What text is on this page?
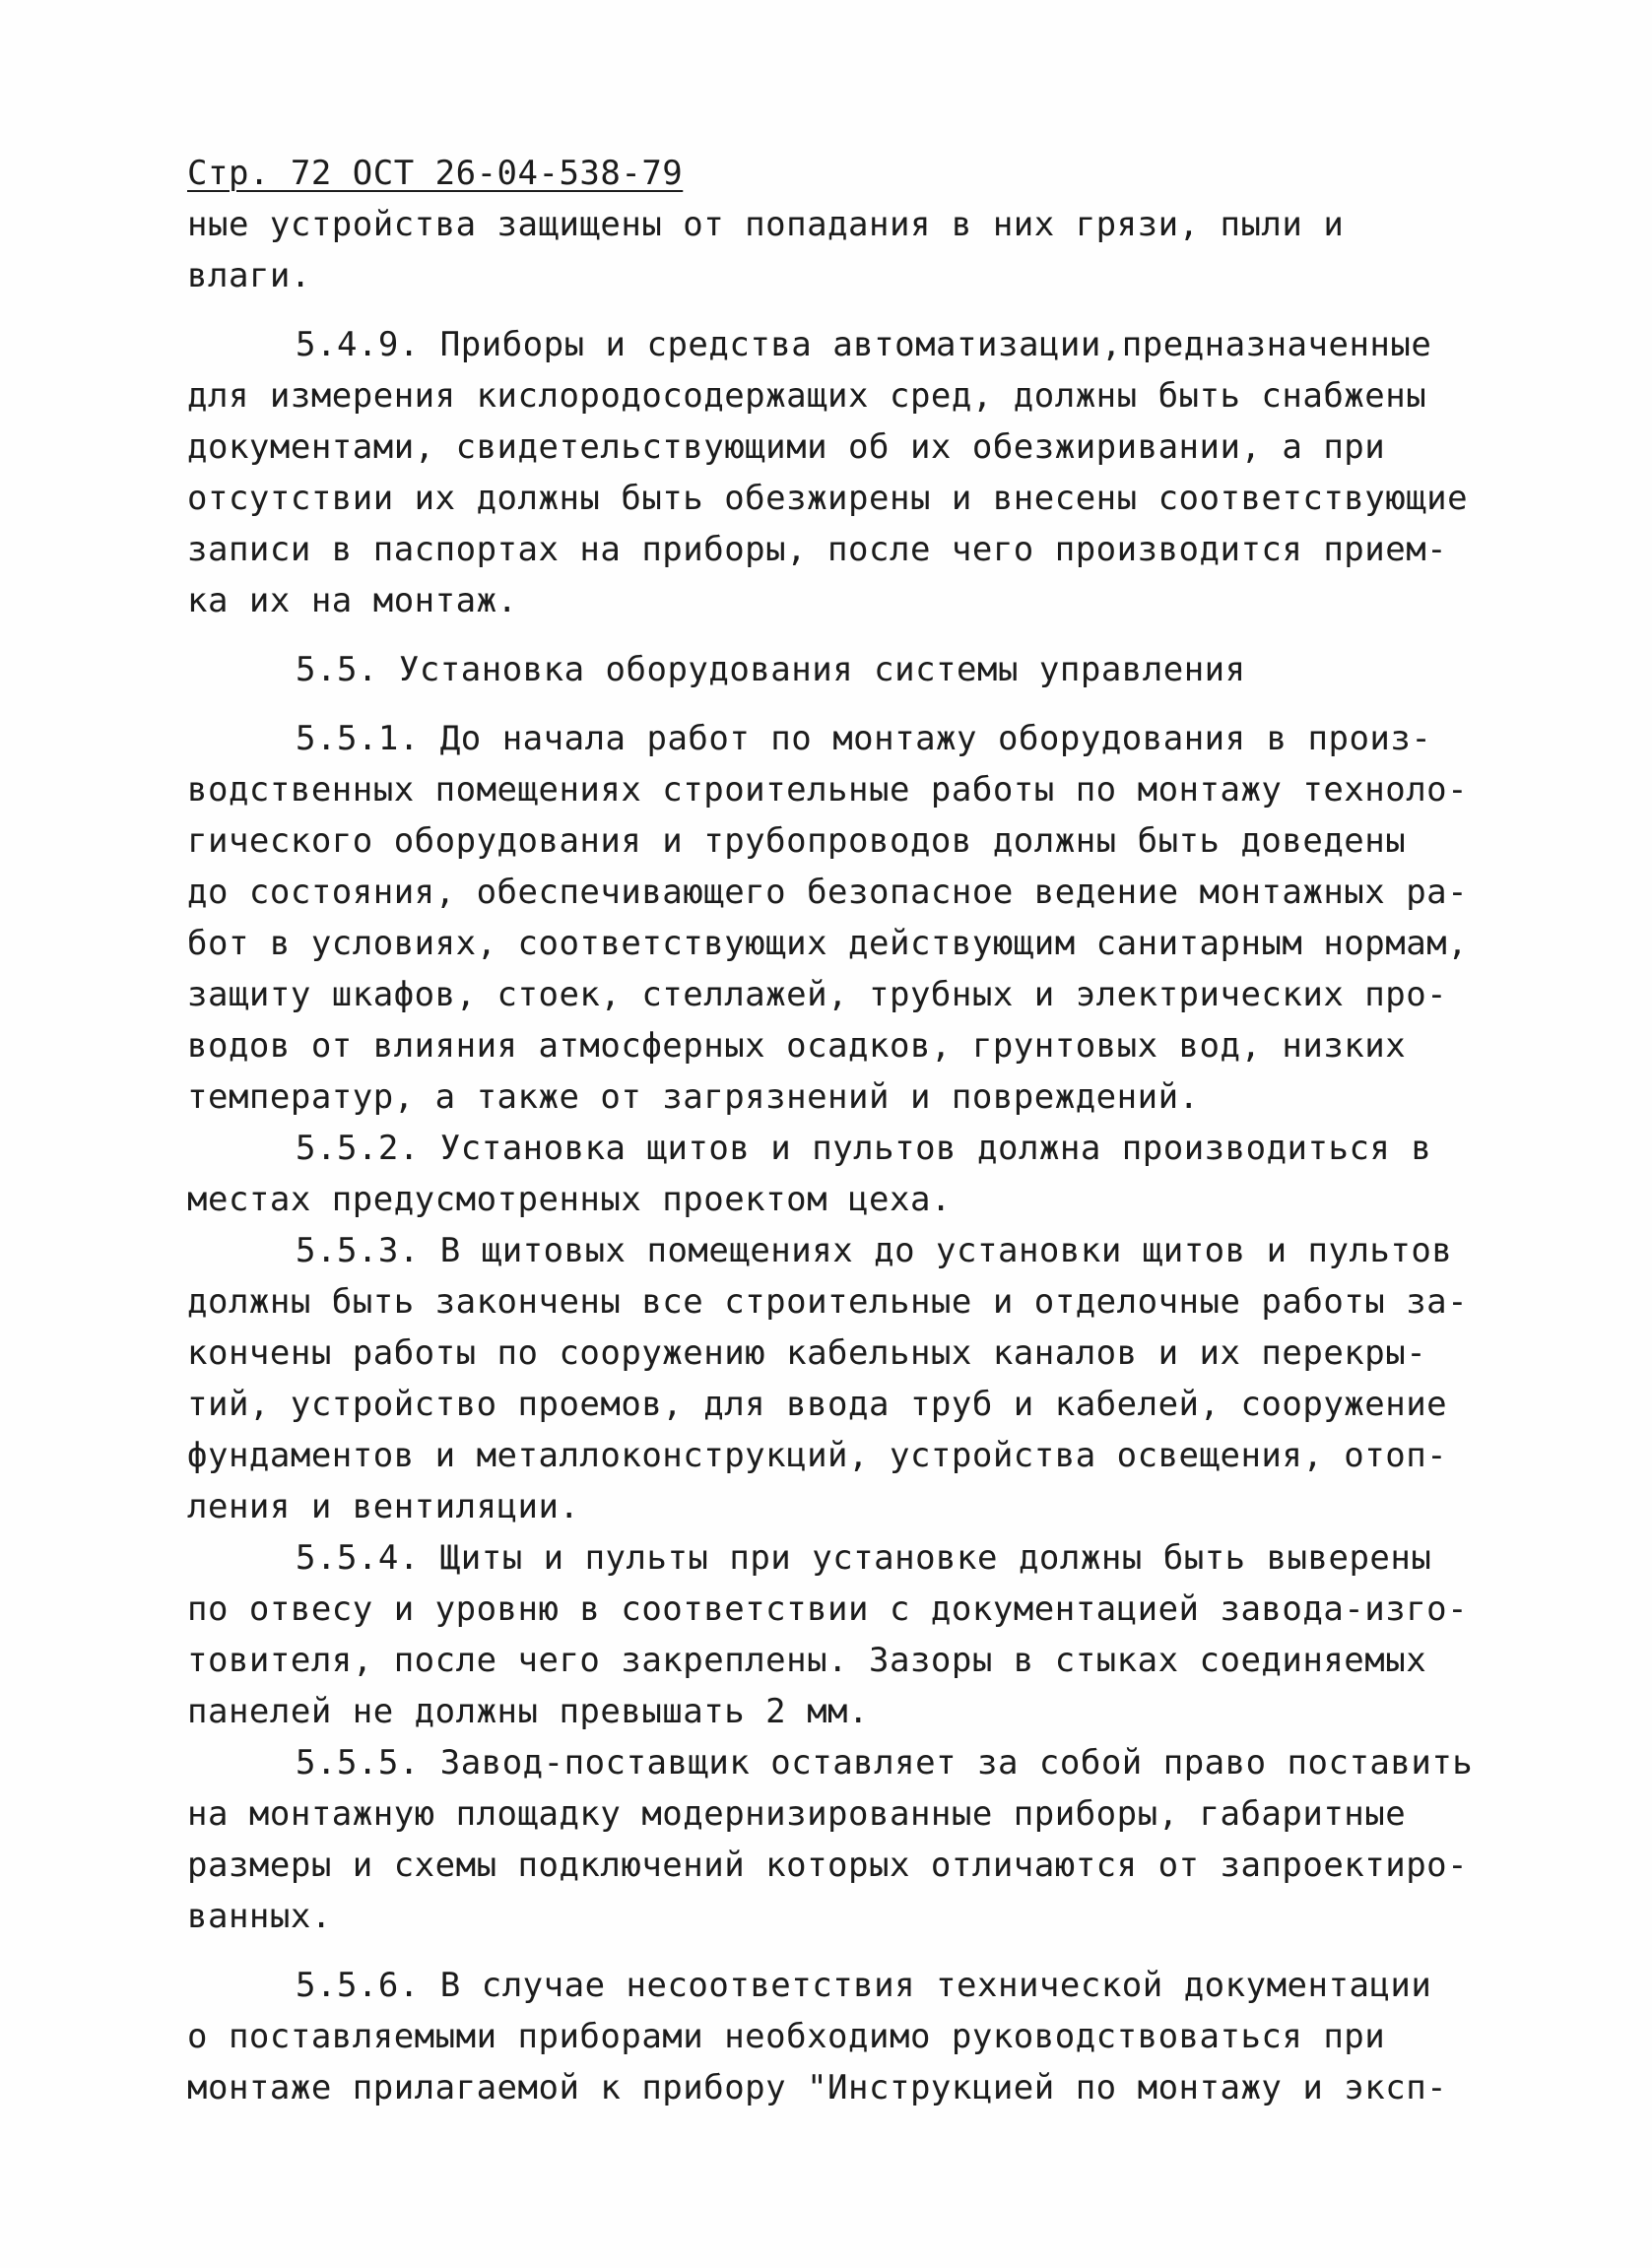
Стр. 72 ОСТ 26-04-538-79
ные устройства защищены от попадания в них грязи, пыли и
влаги.
5.4.9. Приборы и средства автоматизации,предназначенные
для измерения кислородосодержащих сред, должны быть снабжены
документами, свидетельствующими об их обезжиривании, а при
отсутствии их должны быть обезжирены и внесены соответствующие
записи в паспортах на приборы, после чего производится прием-
ка их на монтаж.
5.5. Установка оборудования системы управления
5.5.1. До начала работ по монтажу оборудования в произ-
водственных помещениях строительные работы по монтажу техноло-
гического оборудования и трубопроводов должны быть доведены
до состояния, обеспечивающего безопасное ведение монтажных ра-
бот в условиях, соответствующих действующим санитарным нормам,
защиту шкафов, стоек, стеллажей, трубных и электрических про-
водов от влияния атмосферных осадков, грунтовых вод, низких
температур, а также от загрязнений и повреждений.
5.5.2. Установка щитов и пультов должна производиться в
местах предусмотренных проектом цеха.
5.5.3. В щитовых помещениях до установки щитов и пультов
должны быть закончены все строительные и отделочные работы за-
кончены работы по сооружению кабельных каналов и их перекры-
тий, устройство проемов, для ввода труб и кабелей, сооружение
фундаментов и металлоконструкций, устройства освещения, отоп-
ления и вентиляции.
5.5.4. Щиты и пульты при установке должны быть выверены
по отвесу и уровню в соответствии с документацией завода-изго-
товителя, после чего закреплены. Зазоры в стыках соединяемых
панелей не должны превышать 2 мм.
5.5.5. Завод-поставщик оставляет за собой право поставить
на монтажную площадку модернизированные приборы, габаритные
размеры и схемы подключений которых отличаются от запроектиро-
ванных.
5.5.6. В случае несоответствия технической документации
о поставляемыми приборами необходимо руководствоваться при
монтаже прилагаемой к прибору "Инструкцией по монтажу и эксп-
